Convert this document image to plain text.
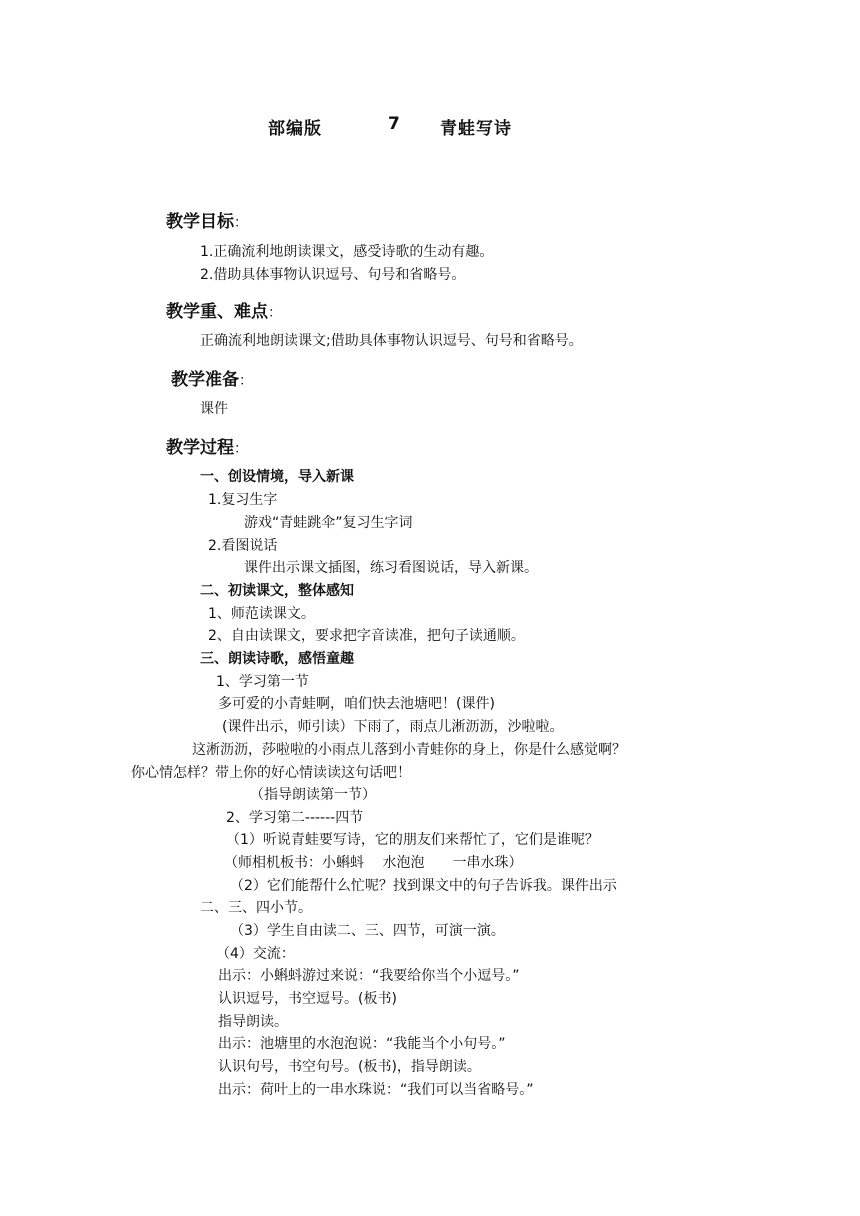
部编版	7 青蛙写诗
教学目标：
1.正确流利地朗读课文，感受诗歌的生动有趣。
2.借助具体事物认识逗号、句号和省略号。
教学重、难点：
正确流利地朗读课文;借助具体事物认识逗号、句号和省略号。
教学准备：
课件
教学过程：
一、创设情境，导入新课
1.复习生字
游戏“青蛙跳伞”复习生字词
2.看图说话
课件出示课文插图，练习看图说话，导入新课。
二、初读课文，整体感知
1、师范读课文。
2、自由读课文，要求把字音读准，把句子读通顺。
三、朗读诗歌，感悟童趣
1、学习第一节
多可爱的小青蛙啊，咱们快去池塘吧！(课件)
(课件出示，师引读）下雨了，雨点儿淅沥沥，沙啦啦。
这淅沥沥，莎啦啦的小雨点儿落到小青蛙你的身上，你是什么感觉啊？
你心情怎样？带上你的好心情读读这句话吧！
（指导朗读第一节）
2、学习第二------四节
（1）听说青蛙要写诗，它的朋友们来帮忙了，它们是谁呢？
（师相机板书：小蝌蚪　 水泡泡　　一串水珠）
（2）它们能帮什么忙呢？找到课文中的句子告诉我。课件出示
二、三、四小节。
（3）学生自由读二、三、四节，可演一演。
（4）交流：
出示：小蝌蚪游过来说：“我要给你当个小逗号。”
认识逗号，书空逗号。(板书)
指导朗读。
出示：池塘里的水泡泡说：“我能当个小句号。”
认识句号，书空句号。(板书)，指导朗读。
出示：荷叶上的一串水珠说：“我们可以当省略号。”
